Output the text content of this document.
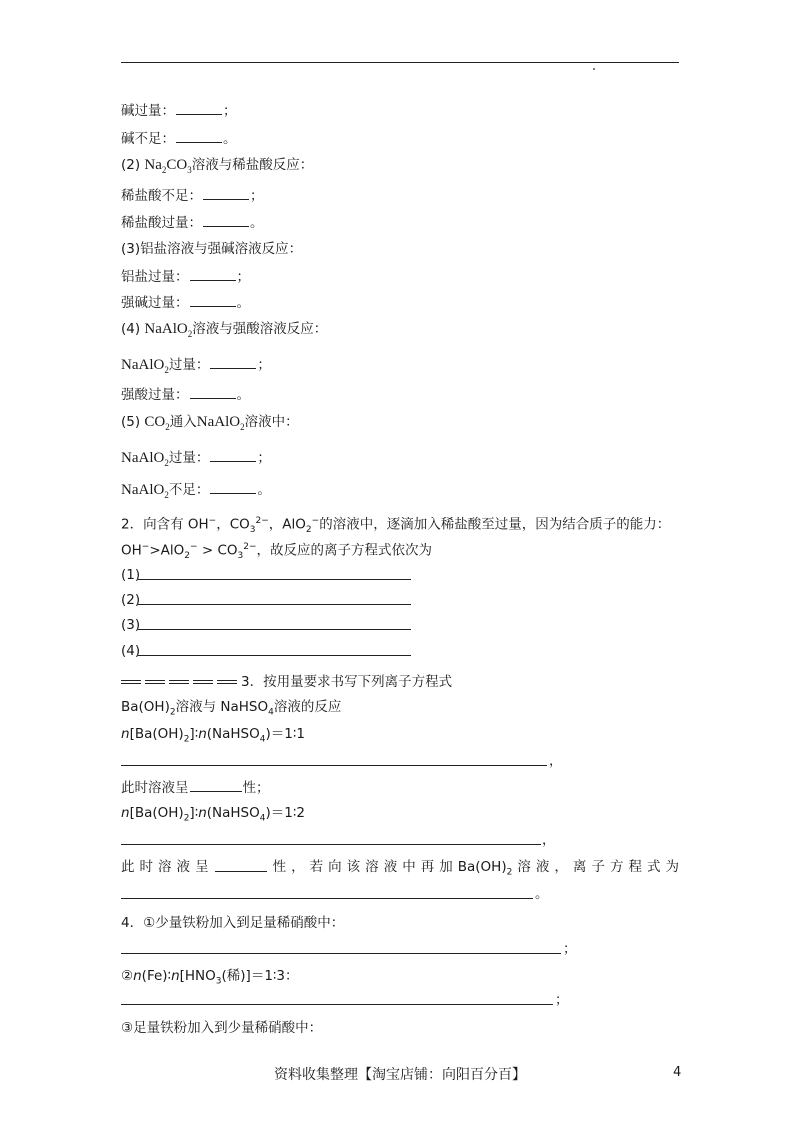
碱过量：	；
碱不足：	。
(2) $Na_2CO_3$溶液与稀盐酸反应：
稀盐酸不足：	；
稀盐酸过量：	。
(3)铝盐溶液与强碱溶液反应：
铝盐过量：	；
强碱过量：	。
(4) NaAlO$_2$溶液与强酸溶液反应：
NaAlO$_2$过量：	；
强酸过量：	。
(5) $CO_2$通入NaAlO$_2$溶液中：
NaAlO$_2$过量：	；
NaAlO$_2$不足：	。
2．向含有 OH−，$CO_3^{2-}$，AlO$_2$−的溶液中，逐滴加入稀盐酸至过量，因为结合质子的能力：
$OH^->AlO_2^- > CO_3^{2-}$，故反应的离子方程式依次为
(1)
(2)
(3)
(4)
3．按用量要求书写下列离子方程式
$Ba(OH)_2$溶液与 NaHSO$_4$溶液的反应
$n[Ba(OH)_2]∶n(NaHSO_4)=1∶1$
，
此时溶液呈	性；
$n[Ba(OH)_2]∶n(NaHSO_4)=1∶2$
，
此 时 溶 液 呈	性 ， 若 向 该 溶 液 中 再 加 $Ba(OH)_2$ 溶 液 ， 离 子 方 程 式 为
。
4．①少量铁粉加入到足量稀硝酸中：
；
$②n(Fe)∶n[HNO_3$(稀)]＝1∶3：
；
③足量铁粉加入到少量稀硝酸中：
资料收集整理【淘宝店铺：向阳百分百】	4
